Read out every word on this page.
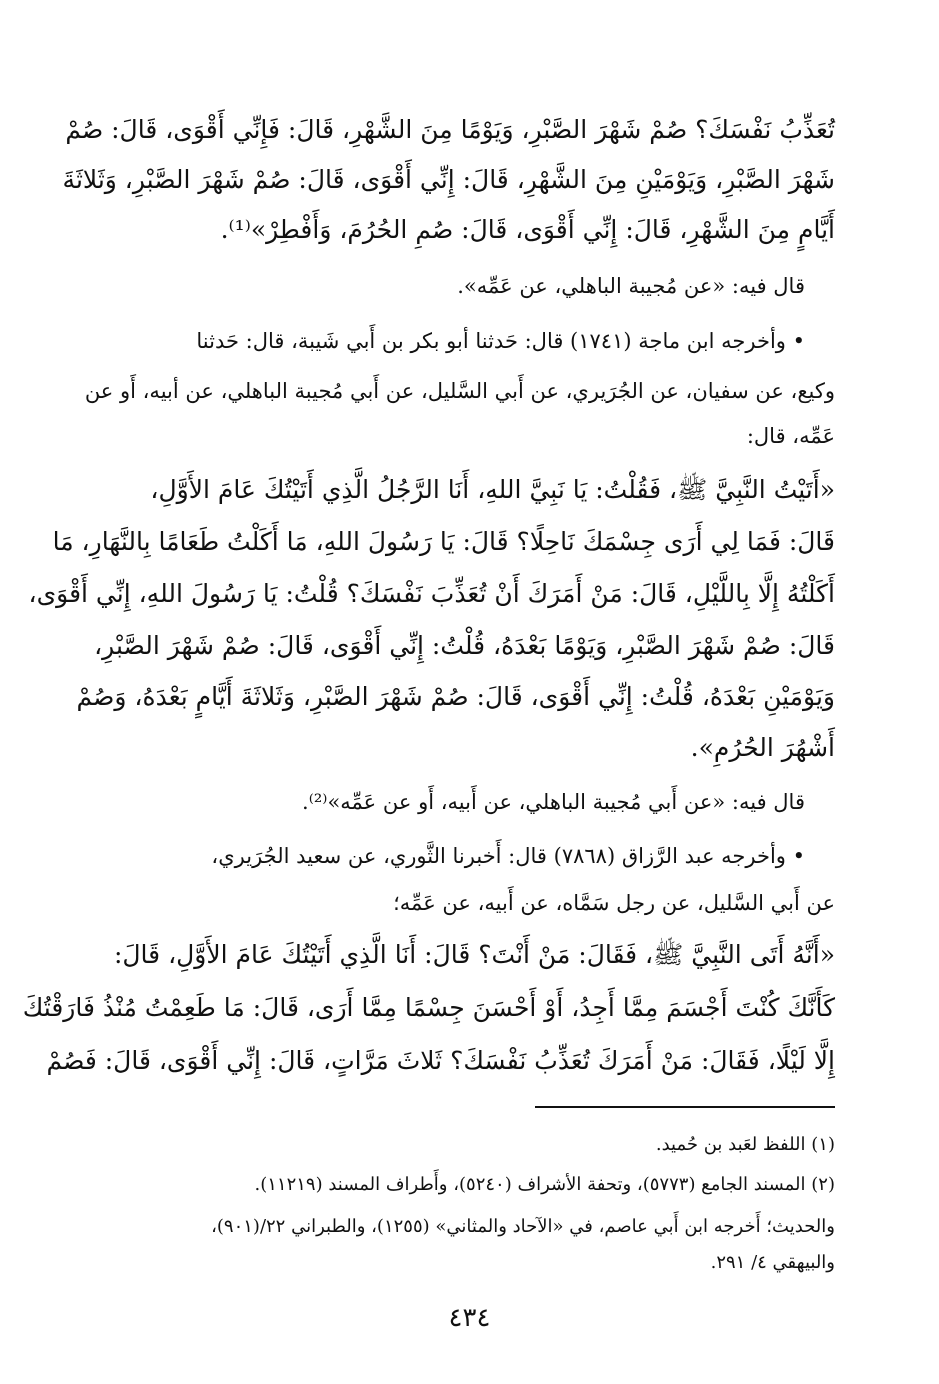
تُعَذِّبُ نَفْسَكَ؟ صُمْ شَهْرَ الصَّبْرِ، وَيَوْمًا مِنَ الشَّهْرِ، قَالَ: فَإِنِّي أَقْوَى، قَالَ: صُمْ
شَهْرَ الصَّبْرِ، وَيَوْمَيْنِ مِنَ الشَّهْرِ، قَالَ: إِنِّي أَقْوَى، قَالَ: صُمْ شَهْرَ الصَّبْرِ، وَثَلاثَةَ
أَيَّامٍ مِنَ الشَّهْرِ، قَالَ: إِنِّي أَقْوَى، قَالَ: صُمِ الحُرُمَ، وَأَفْطِرْ»⁽¹⁾.
قال فيه: «عن مُجيبة الباهلي، عن عَمِّه».
• وأخرجه ابن ماجة (١٧٤١) قال: حَدثنا أبو بكر بن أَبي شَيبة، قال: حَدثنا
وكيع، عن سفيان، عن الجُرَيري، عن أَبي السَّليل، عن أَبي مُجيبة الباهلي، عن أبيه، أَو عن
عَمِّه، قال:
«أَتَيْتُ النَّبِيَّ ﷺ، فَقُلْتُ: يَا نَبِيَّ اللهِ، أَنَا الرَّجُلُ الَّذِي أَتَيْتُكَ عَامَ الأَوَّلِ،
قَالَ: فَمَا لِي أَرَى جِسْمَكَ نَاحِلًا؟ قَالَ: يَا رَسُولَ اللهِ، مَا أَكَلْتُ طَعَامًا بِالنَّهَارِ، مَا
أَكَلْتُهُ إِلَّا بِاللَّيْلِ، قَالَ: مَنْ أَمَرَكَ أَنْ تُعَذِّبَ نَفْسَكَ؟ قُلْتُ: يَا رَسُولَ اللهِ، إِنِّي أَقْوَى،
قَالَ: صُمْ شَهْرَ الصَّبْرِ، وَيَوْمًا بَعْدَهُ، قُلْتُ: إِنِّي أَقْوَى، قَالَ: صُمْ شَهْرَ الصَّبْرِ،
وَيَوْمَيْنِ بَعْدَهُ، قُلْتُ: إِنِّي أَقْوَى، قَالَ: صُمْ شَهْرَ الصَّبْرِ، وَثَلاثَةَ أَيَّامٍ بَعْدَهُ، وَصُمْ
أَشْهُرَ الحُرُمِ».
قال فيه: «عن أَبي مُجيبة الباهلي، عن أَبيه، أَو عن عَمِّه»⁽²⁾.
• وأخرجه عبد الرَّزاق (٧٨٦٨) قال: أَخبرنا الثَّوري، عن سعيد الجُرَيري،
عن أَبي السَّليل، عن رجل سَمَّاه، عن أَبيه، عن عَمِّه؛
«أَنَّهُ أَتَى النَّبِيَّ ﷺ، فَقَالَ: مَنْ أَنْتَ؟ قَالَ: أَنَا الَّذِي أَتَيْتُكَ عَامَ الأَوَّلِ، قَالَ:
كَأَنَّكَ كُنْتَ أَجْسَمَ مِمَّا أَجِدُ، أَوْ أَحْسَنَ جِسْمًا مِمَّا أَرَى، قَالَ: مَا طَعِمْتُ مُنْذُ فَارَقْتُكَ
إِلَّا لَيْلًا، فَقَالَ: مَنْ أَمَرَكَ تُعَذِّبُ نَفْسَكَ؟ ثَلاثَ مَرَّاتٍ، قَالَ: إِنِّي أَقْوَى، قَالَ: فَصُمْ
(١) اللفظ لعَبد بن حُميد.
(٢) المسند الجامع (٥٧٧٣)، وتحفة الأشراف (٥٢٤٠)، وأَطراف المسند (١١٢١٩).
والحديث؛ أَخرجه ابن أَبي عاصم، في «الآحاد والمثاني» (١٢٥٥)، والطبراني ٢٢/(٩٠١)،
والبيهقي ٤/ ٢٩١.
٤٣٤
